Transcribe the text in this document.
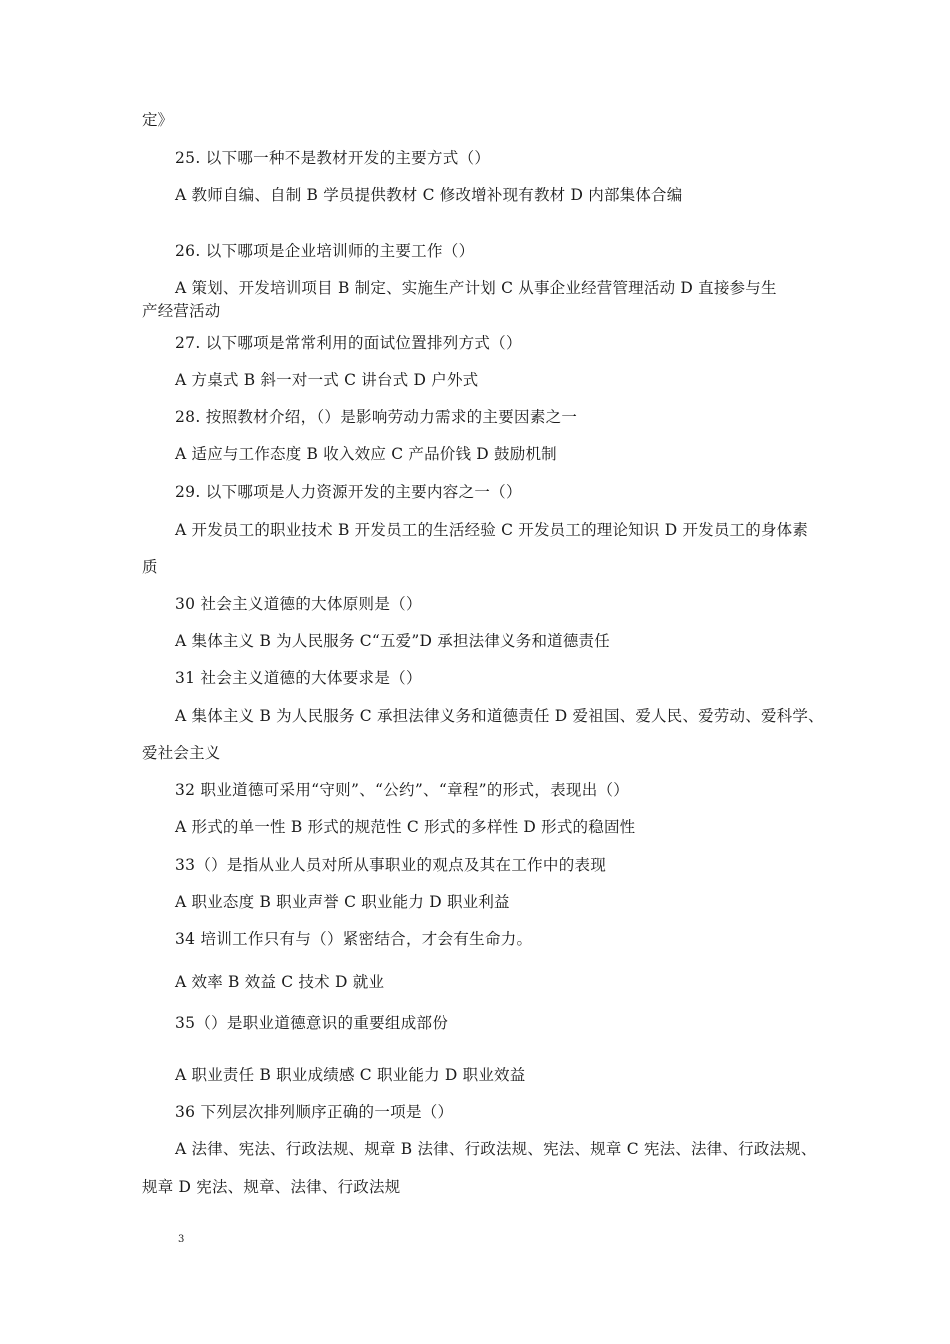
定》
25. 以下哪一种不是教材开发的主要方式（）
A 教师自编、自制 B 学员提供教材 C 修改增补现有教材 D 内部集体合编
26. 以下哪项是企业培训师的主要工作（）
A 策划、开发培训项目 B 制定、实施生产计划 C 从事企业经营管理活动 D 直接参与生
产经营活动
27. 以下哪项是常常利用的面试位置排列方式（）
A 方桌式 B 斜一对一式 C 讲台式 D 户外式
28. 按照教材介绍，（）是影响劳动力需求的主要因素之一
A 适应与工作态度 B 收入效应 C 产品价钱 D 鼓励机制
29. 以下哪项是人力资源开发的主要内容之一（）
A 开发员工的职业技术 B 开发员工的生活经验 C 开发员工的理论知识 D 开发员工的身体素
质
30 社会主义道德的大体原则是（）
A 集体主义 B 为人民服务 C“五爱”D 承担法律义务和道德责任
31 社会主义道德的大体要求是（）
A 集体主义 B 为人民服务 C 承担法律义务和道德责任 D 爱祖国、爱人民、爱劳动、爱科学、
爱社会主义
32 职业道德可采用“守则”、“公约”、“章程”的形式，表现出（）
A 形式的单一性 B 形式的规范性 C 形式的多样性 D 形式的稳固性
33（）是指从业人员对所从事职业的观点及其在工作中的表现
A 职业态度 B 职业声誉 C 职业能力 D 职业利益
34 培训工作只有与（）紧密结合，才会有生命力。
A 效率 B 效益 C 技术 D 就业
35（）是职业道德意识的重要组成部份
A 职业责任 B 职业成绩感 C 职业能力 D 职业效益
36 下列层次排列顺序正确的一项是（）
A 法律、宪法、行政法规、规章 B 法律、行政法规、宪法、规章 C 宪法、法律、行政法规、
规章 D 宪法、规章、法律、行政法规
3
